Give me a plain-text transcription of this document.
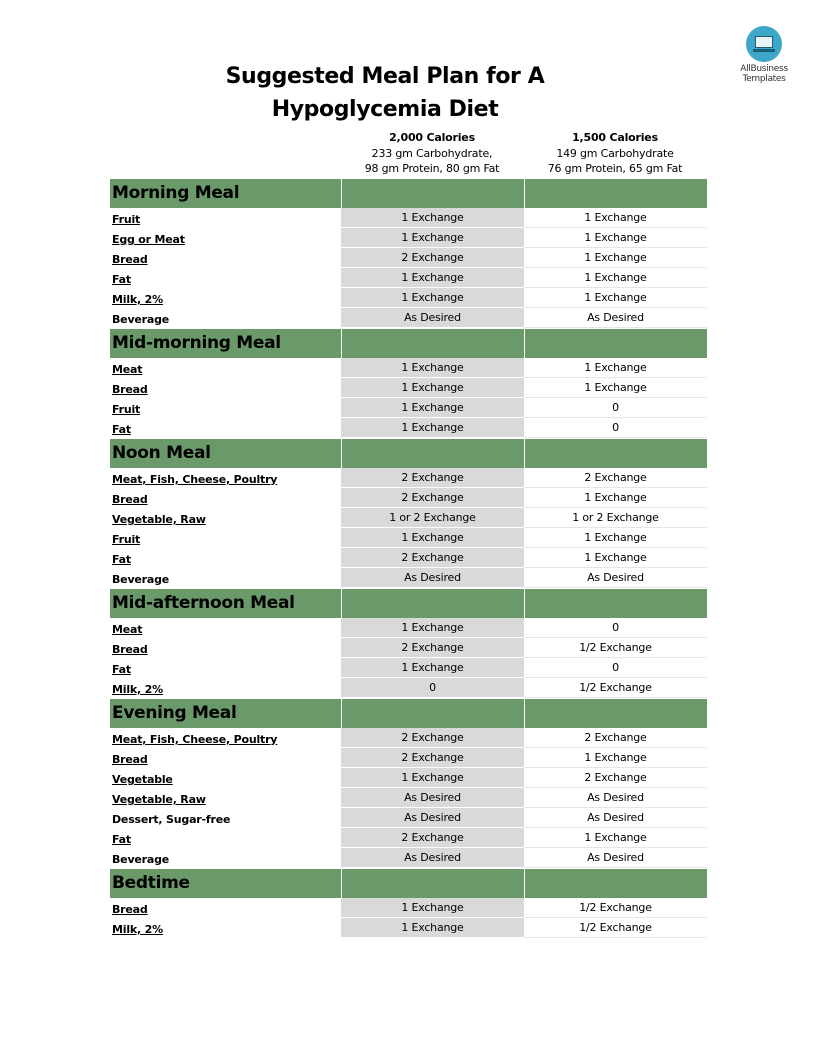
AllBusiness
Templates
Suggested Meal Plan for A
Hypoglycemia Diet
2,000 Calories
233 gm Carbohydrate,
98 gm Protein, 80 gm Fat
1,500 Calories
149 gm Carbohydrate
76 gm Protein, 65 gm Fat
Morning Meal
Fruit	1 Exchange	1 Exchange
Egg or Meat	1 Exchange	1 Exchange
Bread	2 Exchange	1 Exchange
Fat	1 Exchange	1 Exchange
Milk, 2%	1 Exchange	1 Exchange
Beverage	As Desired	As Desired
Mid-morning Meal
Meat	1 Exchange	1 Exchange
Bread	1 Exchange	1 Exchange
Fruit	1 Exchange	0
Fat	1 Exchange	0
Noon Meal
Meat, Fish, Cheese, Poultry	2 Exchange	2 Exchange
Bread	2 Exchange	1 Exchange
Vegetable, Raw	1 or 2 Exchange	1 or 2 Exchange
Fruit	1 Exchange	1 Exchange
Fat	2 Exchange	1 Exchange
Beverage	As Desired	As Desired
Mid-afternoon Meal
Meat	1 Exchange	0
Bread	2 Exchange	1/2 Exchange
Fat	1 Exchange	0
Milk, 2%	0	1/2 Exchange
Evening Meal
Meat, Fish, Cheese, Poultry	2 Exchange	2 Exchange
Bread	2 Exchange	1 Exchange
Vegetable	1 Exchange	2 Exchange
Vegetable, Raw	As Desired	As Desired
Dessert, Sugar-free	As Desired	As Desired
Fat	2 Exchange	1 Exchange
Beverage	As Desired	As Desired
Bedtime
Bread	1 Exchange	1/2 Exchange
Milk, 2%	1 Exchange	1/2 Exchange
